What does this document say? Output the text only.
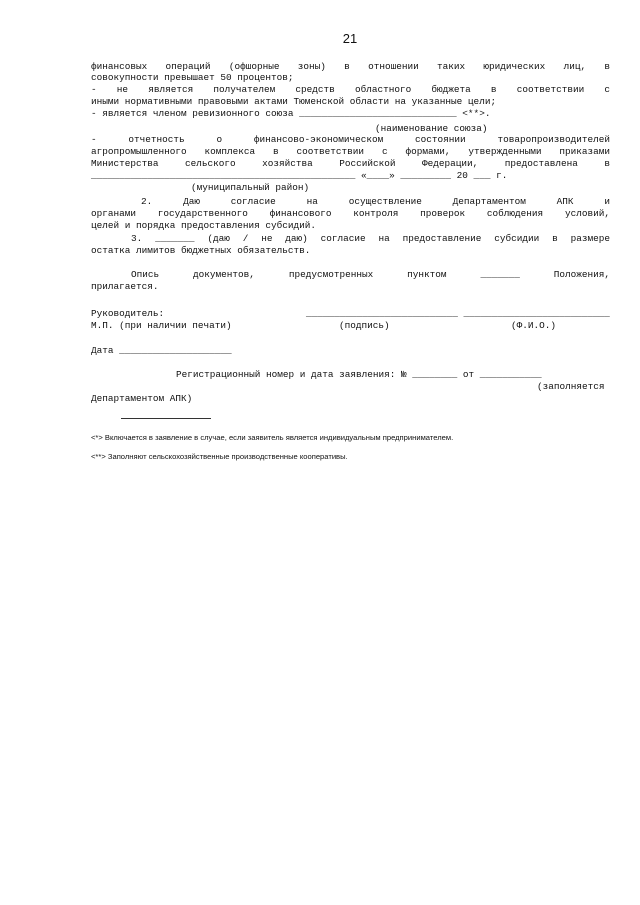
21
финансовых операций (офшорные зоны) в отношении таких юридических лиц, в
совокупности превышает 50 процентов;
- не является получателем средств областного бюджета в соответствии с
иными нормативными правовыми актами Тюменской области на указанные цели;
- является членом ревизионного союза ____________________________ <**>.
(наименование союза)
- отчетность о финансово-экономическом состоянии товаропроизводителей
агропромышленного комплекса в соответствии с формами, утвержденными приказами
Министерства сельского хозяйства Российской Федерации, предоставлена в
_______________________________________________ «____» _________ 20 ___ г.
(муниципальный район)
2. Даю согласие на осуществление Департаментом АПК и
органами государственного финансового контроля проверок соблюдения условий,
целей и порядка предоставления субсидий.
3. _______ (даю / не даю) согласие на предоставление субсидии в размере
остатка лимитов бюджетных обязательств.
Опись документов, предусмотренных пунктом _______ Положения,
прилагается.
Руководитель:	___________________________ __________________________
М.П. (при наличии печати)	(подпись)	(Ф.И.О.)
Дата ____________________
Регистрационный номер и дата заявления: № ________ от ___________
(заполняется
Департаментом АПК)
<*> Включается в заявление в случае, если заявитель является индивидуальным предпринимателем.
<**> Заполняют сельскохозяйственные производственные кооперативы.
